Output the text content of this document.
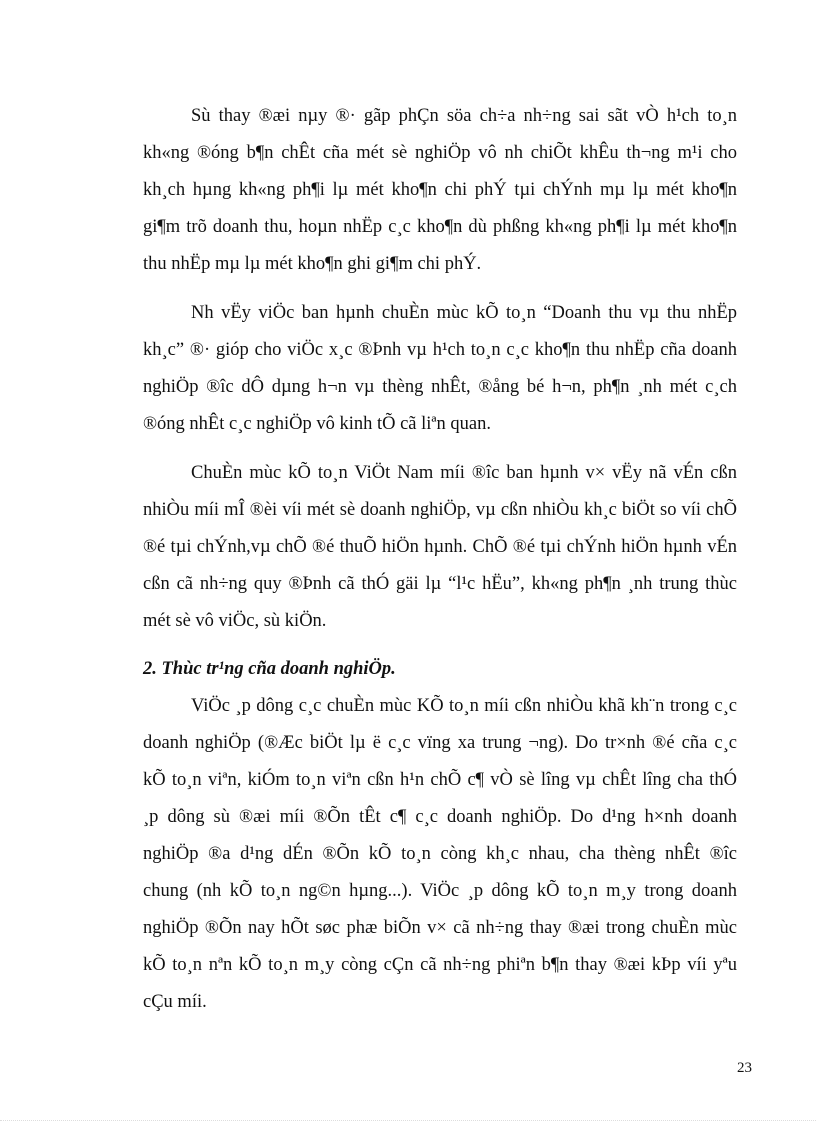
Sù thay ®æi nµy ®· gãp phÇn söa ch÷a nh÷ng sai sãt vÒ h¹ch to¸n
kh«ng ®óng b¶n chÊt cña mét sè nghiÖp vô nh chiÕt khÊu th¬ng m¹i cho
kh¸ch hµng kh«ng ph¶i lµ mét kho¶n chi phÝ tµi chÝnh mµ lµ mét kho¶n
gi¶m trõ doanh thu, hoµn nhËp c¸c kho¶n dù phßng kh«ng ph¶i lµ mét kho¶n
thu nhËp mµ lµ mét kho¶n ghi gi¶m chi phÝ.
Nh vËy viÖc ban hµnh chuÈn mùc kÕ to¸n “Doanh thu vµ thu nhËp
kh¸c” ®· gióp cho viÖc x¸c ®Þnh vµ h¹ch to¸n c¸c kho¶n thu nhËp cña doanh
nghiÖp ®îc dÔ dµng h¬n vµ thèng nhÊt, ®ång bé h¬n, ph¶n ¸nh mét c¸ch
®óng nhÊt c¸c nghiÖp vô kinh tÕ cã liªn quan.
ChuÈn mùc kÕ to¸n ViÖt Nam míi ®îc ban hµnh v× vËy nã vÉn cßn
nhiÒu míi mÎ ®èi víi mét sè doanh nghiÖp, vµ cßn nhiÒu kh¸c biÖt so víi chÕ
®é tµi chÝnh,vµ chÕ ®é thuÕ hiÖn hµnh. ChÕ ®é tµi chÝnh hiÖn hµnh vÉn
cßn cã nh÷ng quy ®Þnh cã thÓ gäi lµ “l¹c hËu”, kh«ng ph¶n ¸nh trung thùc
mét sè vô viÖc, sù kiÖn.
2. Thùc tr¹ng cña doanh nghiÖp.
ViÖc ¸p dông c¸c chuÈn mùc KÕ to¸n míi cßn nhiÒu khã kh¨n trong c¸c
doanh nghiÖp (®Æc biÖt lµ ë c¸c vïng xa trung ¬ng). Do tr×nh ®é cña c¸c
kÕ to¸n viªn, kiÓm to¸n viªn cßn h¹n chÕ c¶ vÒ sè lîng vµ chÊt lîng cha thÓ
¸p dông sù ®æi míi ®Õn tÊt c¶ c¸c doanh nghiÖp. Do d¹ng h×nh doanh
nghiÖp ®a d¹ng dÉn ®Õn kÕ to¸n còng kh¸c nhau, cha thèng nhÊt ®îc
chung (nh kÕ to¸n ng©n hµng...). ViÖc ¸p dông kÕ to¸n m¸y trong doanh
nghiÖp ®Õn nay hÕt søc phæ biÕn v× cã nh÷ng thay ®æi trong chuÈn mùc
kÕ to¸n nªn kÕ to¸n m¸y còng cÇn cã nh÷ng phiªn b¶n thay ®æi kÞp víi yªu
cÇu míi.
23
